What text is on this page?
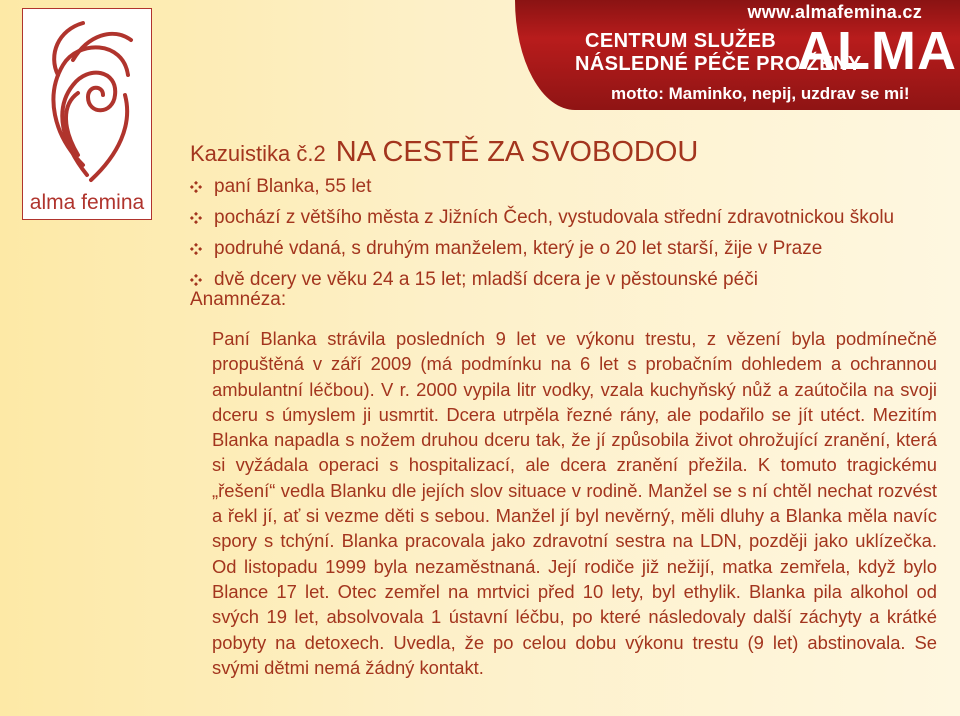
www.almafemina.cz
CENTRUM SLUŽEB
NÁSLEDNÉ PÉČE PRO ŽENY
ALMA
motto: Maminko, nepij, uzdrav se mi!
alma femina
Kazuistika č.2 NA CESTĚ ZA SVOBODOU
paní Blanka, 55 let
pochází z většího města z Jižních Čech, vystudovala střední zdravotnickou školu
podruhé vdaná, s druhým manželem, který je o 20 let starší, žije v Praze
dvě dcery ve věku 24 a 15 let; mladší dcera je v pěstounské péči
Anamnéza:

Paní Blanka strávila posledních 9 let ve výkonu trestu, z vězení byla podmínečně propuštěná v září 2009 (má podmínku na 6 let s probačním dohledem a ochrannou ambulantní léčbou). V r. 2000 vypila litr vodky, vzala kuchyňský nůž a zaútočila na svoji dceru s úmyslem ji usmrtit. Dcera utrpěla řezné rány, ale podařilo se jít utéct. Mezitím Blanka napadla s nožem druhou dceru tak, že jí způsobila život ohrožující zranění, která si vyžádala operaci s hospitalizací, ale dcera zranění přežila. K tomuto tragickému „řešení“ vedla Blanku dle jejích slov situace v rodině. Manžel se s ní chtěl nechat rozvést a řekl jí, ať si vezme děti s sebou. Manžel jí byl nevěrný, měli dluhy a Blanka měla navíc spory s tchýní. Blanka pracovala jako zdravotní sestra na LDN, později jako uklízečka. Od listopadu 1999 byla nezaměstnaná. Její rodiče již nežijí, matka zemřela, když bylo Blance 17 let. Otec zemřel na mrtvici před 10 lety, byl ethylik. Blanka pila alkohol od svých 19 let, absolvovala 1 ústavní léčbu, po které následovaly další záchyty a krátké pobyty na detoxech. Uvedla, že po celou dobu výkonu trestu (9 let) abstinovala. Se svými dětmi nemá žádný kontakt.
